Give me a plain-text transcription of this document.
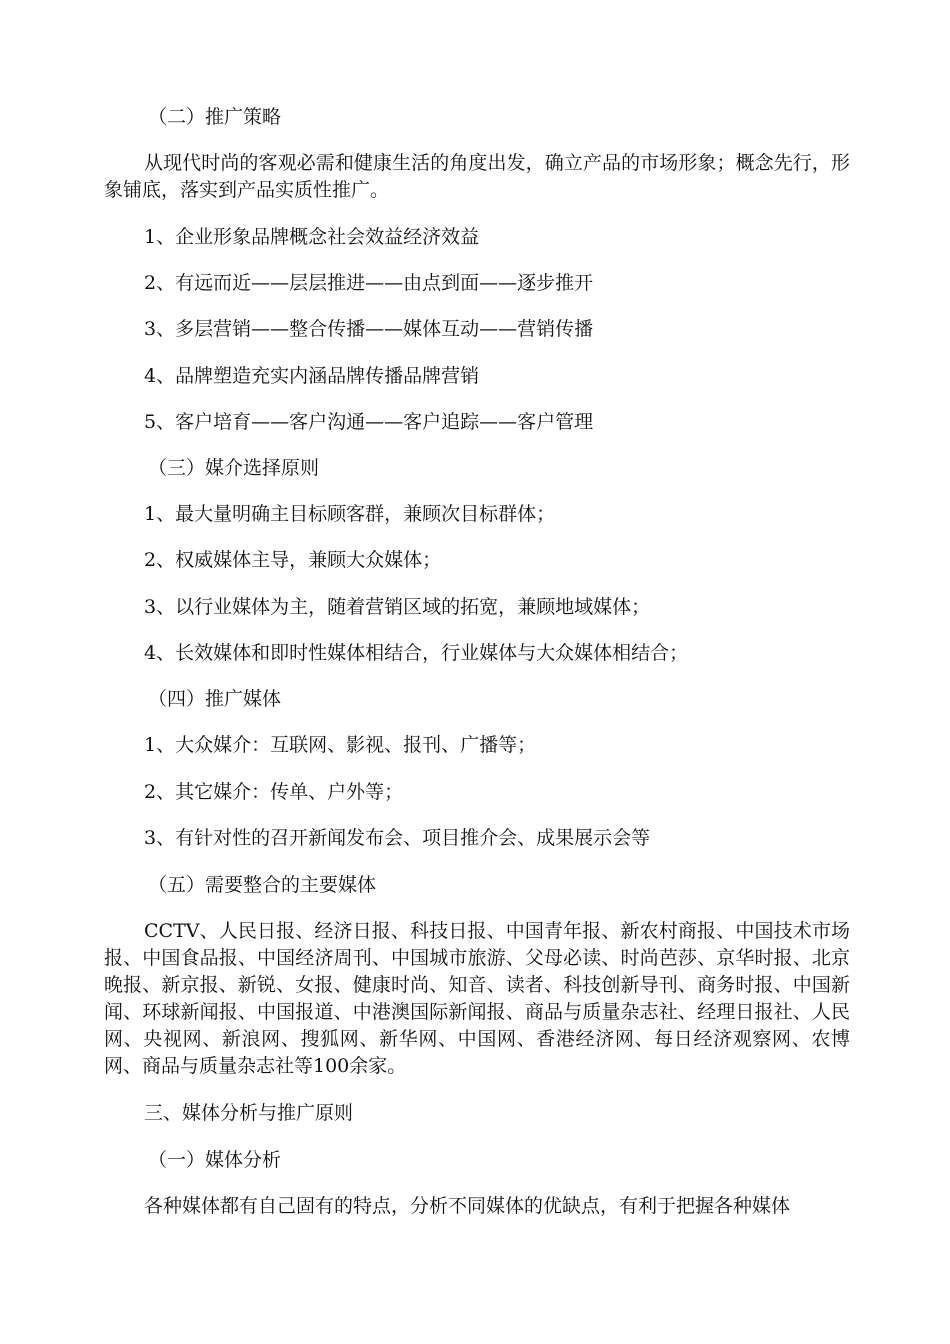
（二）推广策略
从现代时尚的客观必需和健康生活的角度出发，确立产品的市场形象；概念先行，形象铺底，落实到产品实质性推广。
1、企业形象品牌概念社会效益经济效益
2、有远而近——层层推进——由点到面——逐步推开
3、多层营销——整合传播——媒体互动——营销传播
4、品牌塑造充实内涵品牌传播品牌营销
5、客户培育——客户沟通——客户追踪——客户管理
（三）媒介选择原则
1、最大量明确主目标顾客群，兼顾次目标群体；
2、权威媒体主导，兼顾大众媒体；
3、以行业媒体为主，随着营销区域的拓宽，兼顾地域媒体；
4、长效媒体和即时性媒体相结合，行业媒体与大众媒体相结合；
（四）推广媒体
1、大众媒介：互联网、影视、报刊、广播等；
2、其它媒介：传单、户外等；
3、有针对性的召开新闻发布会、项目推介会、成果展示会等
（五）需要整合的主要媒体
CCTV、人民日报、经济日报、科技日报、中国青年报、新农村商报、中国技术市场报、中国食品报、中国经济周刊、中国城市旅游、父母必读、时尚芭莎、京华时报、北京晚报、新京报、新锐、女报、健康时尚、知音、读者、科技创新导刊、商务时报、中国新闻、环球新闻报、中国报道、中港澳国际新闻报、商品与质量杂志社、经理日报社、人民网、央视网、新浪网、搜狐网、新华网、中国网、香港经济网、每日经济观察网、农博网、商品与质量杂志社等100余家。
三、媒体分析与推广原则
（一）媒体分析
各种媒体都有自己固有的特点，分析不同媒体的优缺点，有利于把握各种媒体
